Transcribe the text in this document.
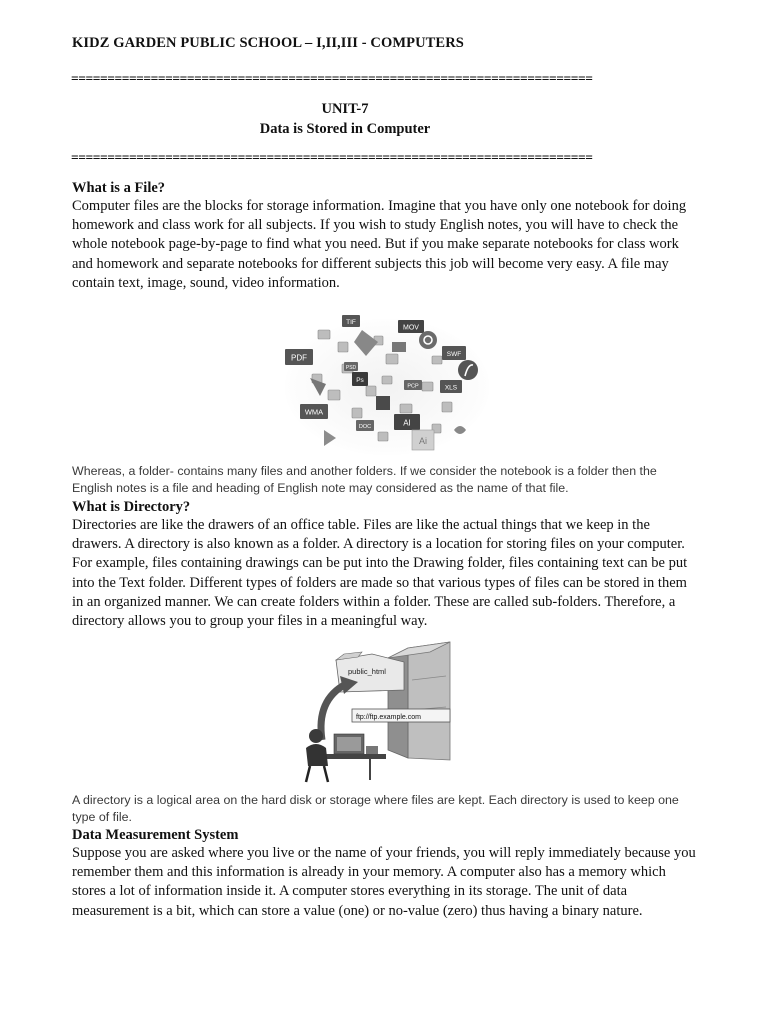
KIDZ GARDEN PUBLIC SCHOOL – I,II,III - COMPUTERS

========================================================================

UNIT-7

Data is Stored in Computer

========================================================================

What is a File?

Computer files are the blocks for storage information. Imagine that you have only one notebook for doing
homework and class work for all subjects. If you wish to study English notes, you will have to check the
whole notebook page-by-page to find what you need. But if you make separate notebooks for class work
and homework and separate notebooks for different subjects this job will become very easy. A file may
contain text, image, sound, video information.
TIF
MOV
PDF	SWF
PSD
Ps
PCP
WMA
DOC	AI
XLS
Ai
Whereas, a folder- contains many files and another folders. If we consider the notebook is a folder then the
English notes is a file and heading of English note may considered as the name of that file.

What is Directory?

Directories are like the drawers of an office table. Files are like the actual things that we keep in the
drawers. A directory is also known as a folder. A directory is a location for storing files on your computer.
For example, files containing drawings can be put into the Drawing folder, files containing text can be put
into the Text folder. Different types of folders are made so that various types of files can be stored in them
in an organized manner. We can create folders within a folder. These are called sub-folders. Therefore, a
directory allows you to group your files in a meaningful way.
public_html
ftp://ftp.example.com
A directory is a logical area on the hard disk or storage where files are kept. Each directory is used to keep one
type of file.

Data Measurement System

Suppose you are asked where you live or the name of your friends, you will reply immediately because you
remember them and this information is already in your memory. A computer also has a memory which
stores a lot of information inside it. A computer stores everything in its storage. The unit of data
measurement is a bit, which can store a value (one) or no-value (zero) thus having a binary nature.
